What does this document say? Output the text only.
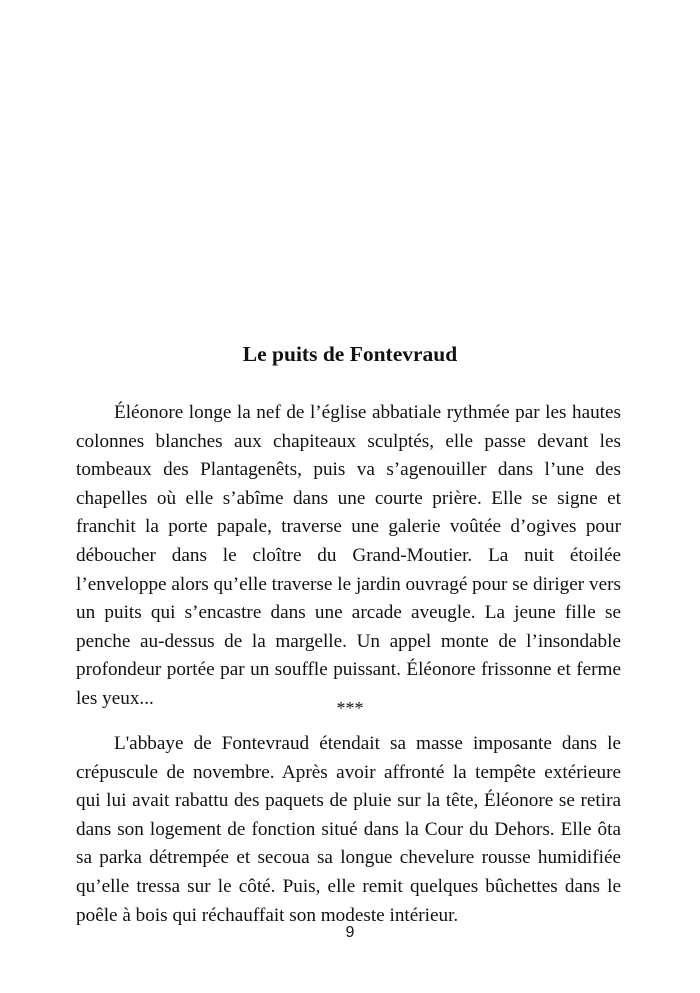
Le puits de Fontevraud

Éléonore longe la nef de l’église abbatiale rythmée par les hautes colonnes blanches aux chapiteaux sculptés, elle passe devant les tombeaux des Plantagenêts, puis va s’agenouiller dans l’une des chapelles où elle s’abîme dans une courte prière. Elle se signe et franchit la porte papale, traverse une galerie voûtée d’ogives pour déboucher dans le cloître du Grand-Moutier. La nuit étoilée l’enveloppe alors qu’elle traverse le jardin ouvragé pour se diriger vers un puits qui s’encastre dans une arcade aveugle. La jeune fille se penche au-dessus de la margelle. Un appel monte de l’insondable profondeur portée par un souffle puissant. Éléonore frissonne et ferme les yeux...	***

L'abbaye de Fontevraud étendait sa masse imposante dans le crépuscule de novembre. Après avoir affronté la tempête extérieure qui lui avait rabattu des paquets de pluie sur la tête, Éléonore se retira dans son logement de fonction situé dans la Cour du Dehors. Elle ôta sa parka détrempée et secoua sa longue chevelure rousse humidifiée qu’elle tressa sur le côté. Puis, elle remit quelques bûchettes dans le poêle à bois qui réchauffait son modeste intérieur.

9
